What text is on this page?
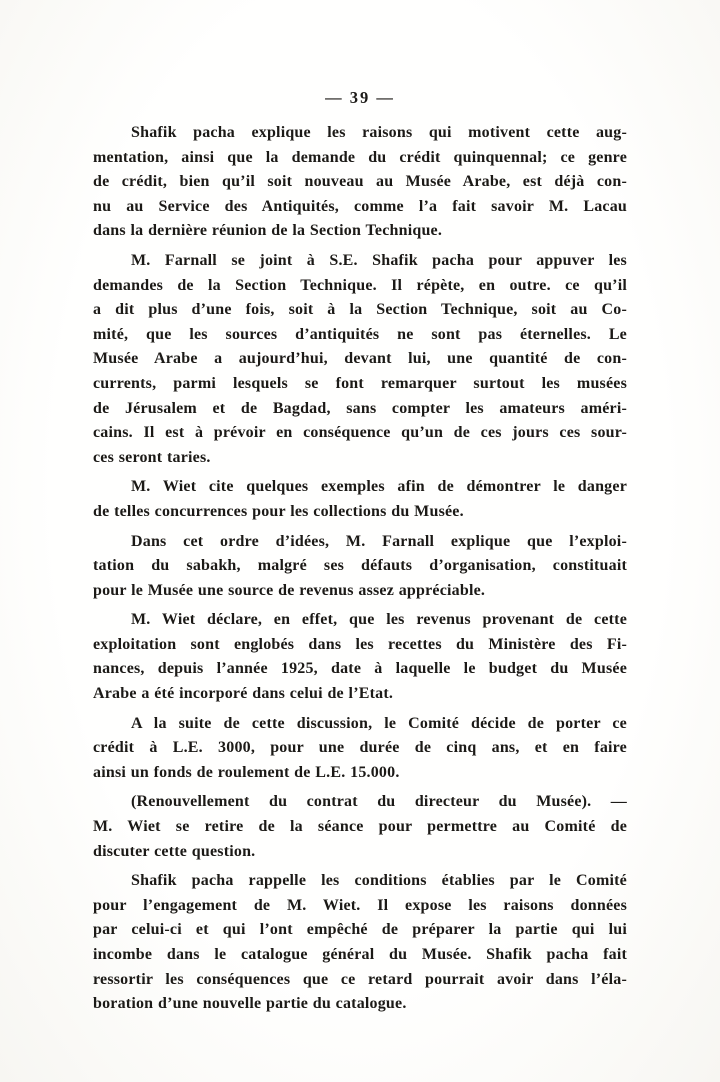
— 39 —
Shafik pacha explique les raisons qui motivent cette aug-
mentation, ainsi que la demande du crédit quinquennal; ce genre
de crédit, bien qu’il soit nouveau au Musée Arabe, est déjà con-
nu au Service des Antiquités, comme l’a fait savoir M. Lacau
dans la dernière réunion de la Section Technique.
M. Farnall se joint à S.E. Shafik pacha pour appuver les
demandes de la Section Technique. Il répète, en outre. ce qu’il
a dit plus d’une fois, soit à la Section Technique, soit au Co-
mité, que les sources d’antiquités ne sont pas éternelles. Le
Musée Arabe a aujourd’hui, devant lui, une quantité de con-
currents, parmi lesquels se font remarquer surtout les musées
de Jérusalem et de Bagdad, sans compter les amateurs améri-
cains. Il est à prévoir en conséquence qu’un de ces jours ces sour-
ces seront taries.
M. Wiet cite quelques exemples afin de démontrer le danger
de telles concurrences pour les collections du Musée.
Dans cet ordre d’idées, M. Farnall explique que l’exploi-
tation du sabakh, malgré ses défauts d’organisation, constituait
pour le Musée une source de revenus assez appréciable.
M. Wiet déclare, en effet, que les revenus provenant de cette
exploitation sont englobés dans les recettes du Ministère des Fi-
nances, depuis l’année 1925, date à laquelle le budget du Musée
Arabe a été incorporé dans celui de l’Etat.
A la suite de cette discussion, le Comité décide de porter ce
crédit à L.E. 3000, pour une durée de cinq ans, et en faire
ainsi un fonds de roulement de L.E. 15.000.
(Renouvellement du contrat du directeur du Musée). —
M. Wiet se retire de la séance pour permettre au Comité de
discuter cette question.
Shafik pacha rappelle les conditions établies par le Comité
pour l’engagement de M. Wiet. Il expose les raisons données
par celui-ci et qui l’ont empêché de préparer la partie qui lui
incombe dans le catalogue général du Musée. Shafik pacha fait
ressortir les conséquences que ce retard pourrait avoir dans l’éla-
boration d’une nouvelle partie du catalogue.
